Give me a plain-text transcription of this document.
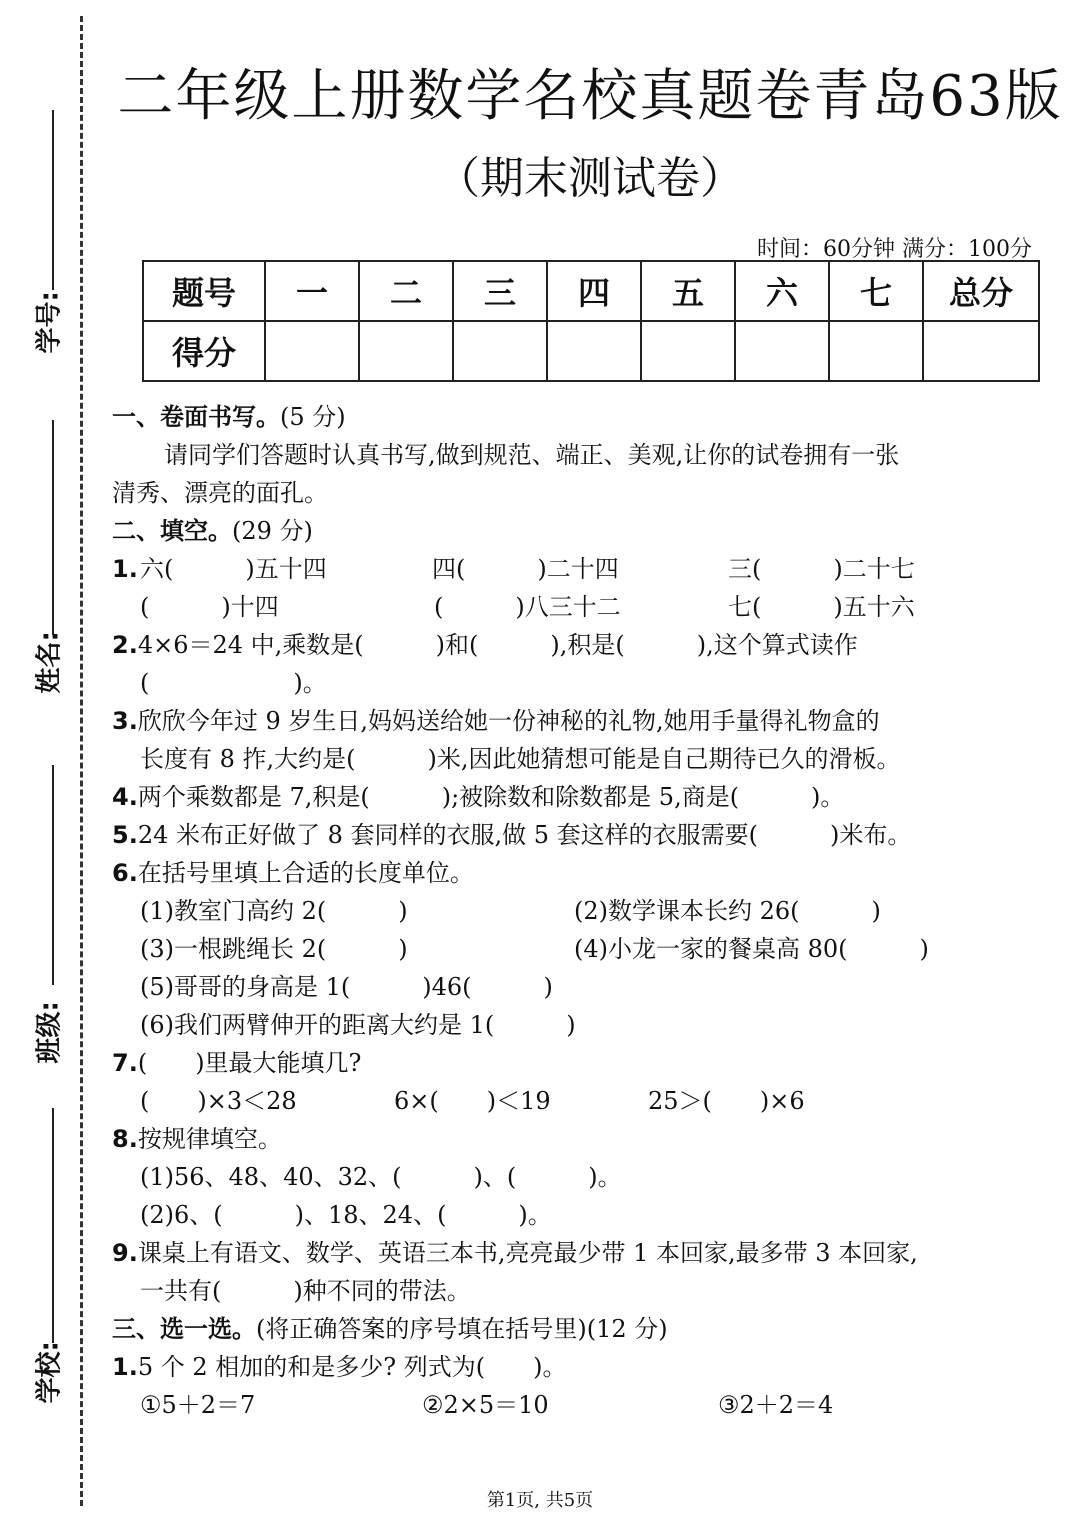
学号:
姓名:
班级:
学校:
二年级上册数学名校真题卷青岛63版
（期末测试卷）
时间：60分钟 满分：100分
题号	一	二	三	四	五	六	七	总分
得分								
一、卷面书写。(5 分)
请同学们答题时认真书写,做到规范、端正、美观,让你的试卷拥有一张
清秀、漂亮的面孔。
二、填空。(29 分)
1. 六(　　　)五十四	四(　　　)二十四	三(　　　)二十七
(　　　)十四	(　　　)八三十二	七(　　　)五十六
2.4×6＝24 中,乘数是(　　　)和(　　　),积是(　　　),这个算式读作
(　　　　　　)。
3.欣欣今年过 9 岁生日,妈妈送给她一份神秘的礼物,她用手量得礼物盒的
长度有 8 拃,大约是(　　　)米,因此她猜想可能是自己期待已久的滑板。
4.两个乘数都是 7,积是(　　　);被除数和除数都是 5,商是(　　　)。
5.24 米布正好做了 8 套同样的衣服,做 5 套这样的衣服需要(　　　)米布。
6.在括号里填上合适的长度单位。
(1)教室门高约 2(　　　)	(2)数学课本长约 26(　　　)
(3)一根跳绳长 2(　　　)	(4)小龙一家的餐桌高 80(　　　)
(5)哥哥的身高是 1(　　　)46(　　　)
(6)我们两臂伸开的距离大约是 1(　　　)
7.(　　)里最大能填几?
(　　)×3＜28	6×(　　)＜19	25＞(　　)×6
8.按规律填空。
(1)56、48、40、32、(　　　)、(　　　)。
(2)6、(　　　)、18、24、(　　　)。
9.课桌上有语文、数学、英语三本书,亮亮最少带 1 本回家,最多带 3 本回家,
一共有(　　　)种不同的带法。
三、选一选。(将正确答案的序号填在括号里)(12 分)
1.5 个 2 相加的和是多少? 列式为(　　)。
①5＋2＝7	②2×5＝10	③2＋2＝4
第1页, 共5页
